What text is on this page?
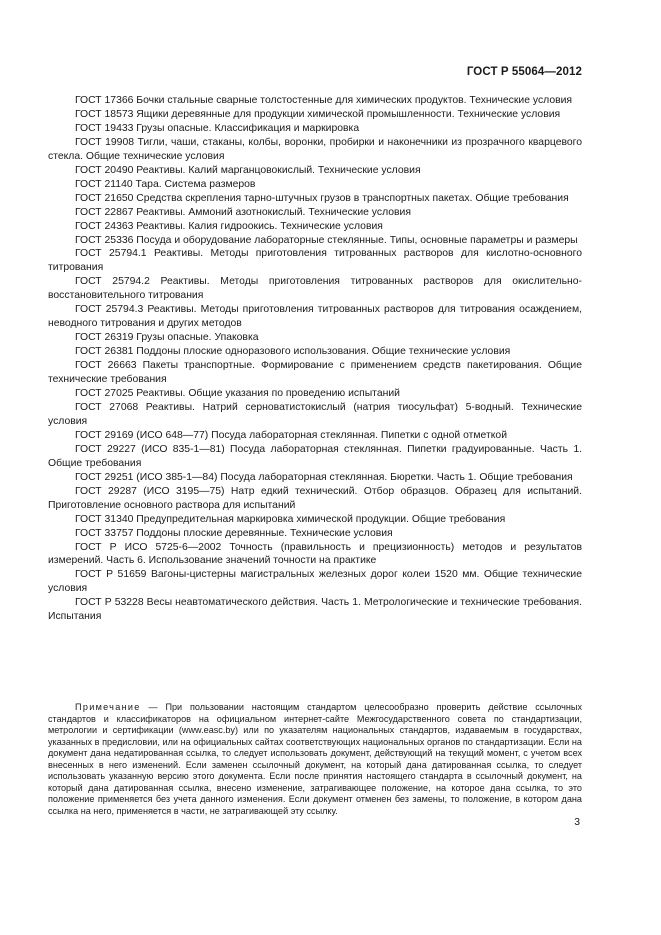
ГОСТ Р 55064—2012

ГОСТ 17366 Бочки стальные сварные толстостенные для химических продуктов. Технические условия

ГОСТ 18573 Ящики деревянные для продукции химической промышленности. Технические условия

ГОСТ 19433 Грузы опасные. Классификация и маркировка

ГОСТ 19908 Тигли, чаши, стаканы, колбы, воронки, пробирки и наконечники из прозрачного кварцевого стекла. Общие технические условия

ГОСТ 20490 Реактивы. Калий марганцовокислый. Технические условия

ГОСТ 21140 Тара. Система размеров

ГОСТ 21650 Средства скрепления тарно-штучных грузов в транспортных пакетах. Общие требования

ГОСТ 22867 Реактивы. Аммоний азотнокислый. Технические условия

ГОСТ 24363 Реактивы. Калия гидроокись. Технические условия

ГОСТ 25336 Посуда и оборудование лабораторные стеклянные. Типы, основные параметры и размеры

ГОСТ 25794.1 Реактивы. Методы приготовления титрованных растворов для кислотно-основного титрования

ГОСТ 25794.2 Реактивы. Методы приготовления титрованных растворов для окислительно-восстановительного титрования

ГОСТ 25794.3 Реактивы. Методы приготовления титрованных растворов для титрования осаждением, неводного титрования и других методов

ГОСТ 26319 Грузы опасные. Упаковка

ГОСТ 26381 Поддоны плоские одноразового использования. Общие технические условия

ГОСТ 26663 Пакеты транспортные. Формирование с применением средств пакетирования. Общие технические требования

ГОСТ 27025 Реактивы. Общие указания по проведению испытаний

ГОСТ 27068 Реактивы. Натрий серноватистокислый (натрия тиосульфат) 5-водный. Технические условия

ГОСТ 29169 (ИСО 648—77) Посуда лабораторная стеклянная. Пипетки с одной отметкой

ГОСТ 29227 (ИСО 835-1—81) Посуда лабораторная стеклянная. Пипетки градуированные. Часть 1. Общие требования

ГОСТ 29251 (ИСО 385-1—84) Посуда лабораторная стеклянная. Бюретки. Часть 1. Общие требования

ГОСТ 29287 (ИСО 3195—75) Натр едкий технический. Отбор образцов. Образец для испытаний. Приготовление основного раствора для испытаний

ГОСТ 31340 Предупредительная маркировка химической продукции. Общие требования

ГОСТ 33757 Поддоны плоские деревянные. Технические условия

ГОСТ Р ИСО 5725-6—2002 Точность (правильность и прецизионность) методов и результатов измерений. Часть 6. Использование значений точности на практике

ГОСТ Р 51659 Вагоны-цистерны магистральных железных дорог колеи 1520 мм. Общие технические условия

ГОСТ Р 53228 Весы неавтоматического действия. Часть 1. Метрологические и технические требования. Испытания

Примечание — При пользовании настоящим стандартом целесообразно проверить действие ссылочных стандартов и классификаторов на официальном интернет-сайте Межгосударственного совета по стандартизации, метрологии и сертификации (www.easc.by) или по указателям национальных стандартов, издаваемым в государствах, указанных в предисловии, или на официальных сайтах соответствующих национальных органов по стандартизации. Если на документ дана недатированная ссылка, то следует использовать документ, действующий на текущий момент, с учетом всех внесенных в него изменений. Если заменен ссылочный документ, на который дана датированная ссылка, то следует использовать указанную версию этого документа. Если после принятия настоящего стандарта в ссылочный документ, на который дана датированная ссылка, внесено изменение, затрагивающее положение, на которое дана ссылка, то это положение применяется без учета данного изменения. Если документ отменен без замены, то положение, в котором дана ссылка на него, применяется в части, не затрагивающей эту ссылку.

3
